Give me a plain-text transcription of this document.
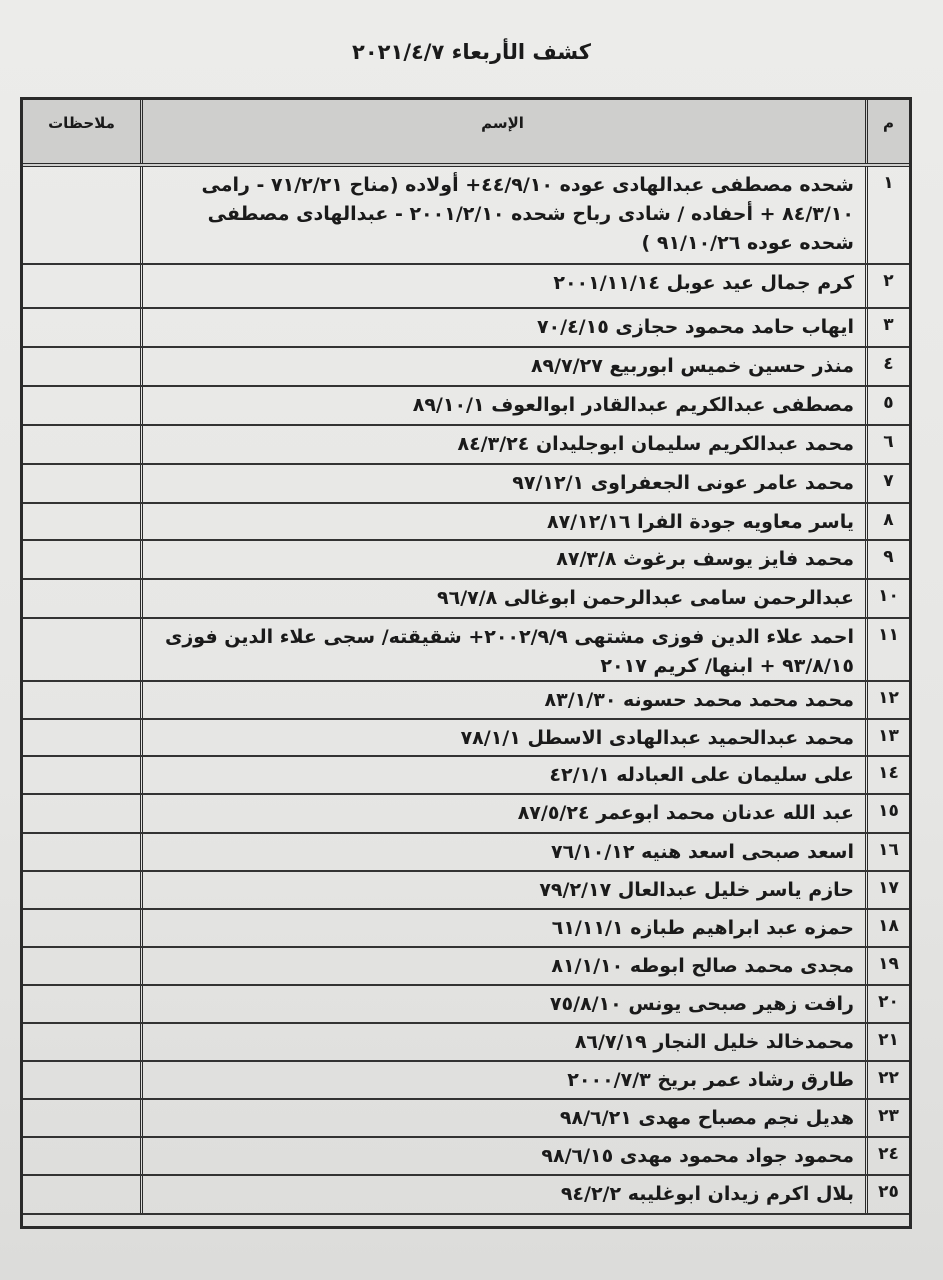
كشف الأربعاء ٢٠٢١/٤/٧
م
الإسم
ملاحظات
١
شحده مصطفى عبدالهادى عوده ٤٤/٩/١٠+ أولاده (مناح ٧١/٢/٢١ - رامى ٨٤/٣/١٠ + أحفاده / شادى رباح شحده ٢٠٠١/٢/١٠ - عبدالهادى مصطفى شحده عوده ٩١/١٠/٢٦ )
٢
كرم جمال عيد عوبل ٢٠٠١/١١/١٤
٣
ايهاب حامد محمود حجازى ٧٠/٤/١٥
٤
منذر حسين خميس ابوربيع ٨٩/٧/٢٧
٥
مصطفى عبدالكريم عبدالقادر ابوالعوف ٨٩/١٠/١
٦
محمد عبدالكريم سليمان ابوجليدان ٨٤/٣/٢٤
٧
محمد عامر عونى الجعفراوى ٩٧/١٢/١
٨
ياسر معاويه جودة الفرا ٨٧/١٢/١٦
٩
محمد فايز يوسف برغوث ٨٧/٣/٨
١٠
عبدالرحمن سامى عبدالرحمن ابوغالى ٩٦/٧/٨
١١
احمد علاء الدين فوزى مشتهى ٢٠٠٢/٩/٩+ شقيقته/ سجى علاء الدين فوزى ٩٣/٨/١٥ + ابنها/ كريم ٢٠١٧
١٢
محمد محمد محمد حسونه ٨٣/١/٣٠
١٣
محمد عبدالحميد عبدالهادى الاسطل ٧٨/١/١
١٤
على سليمان على العبادله ٤٢/١/١
١٥
عبد الله عدنان محمد ابوعمر ٨٧/٥/٢٤
١٦
اسعد صبحى اسعد هنيه ٧٦/١٠/١٢
١٧
حازم ياسر خليل عبدالعال ٧٩/٢/١٧
١٨
حمزه عبد ابراهيم طبازه ٦١/١١/١
١٩
مجدى محمد صالح ابوطه ٨١/١/١٠
٢٠
رافت زهير صبحى يونس ٧٥/٨/١٠
٢١
محمدخالد خليل النجار ٨٦/٧/١٩
٢٢
طارق رشاد عمر بريخ ٢٠٠٠/٧/٣
٢٣
هديل نجم مصباح مهدى ٩٨/٦/٢١
٢٤
محمود جواد محمود مهدى ٩٨/٦/١٥
٢٥
بلال اكرم زيدان ابوغليبه ٩٤/٢/٢
